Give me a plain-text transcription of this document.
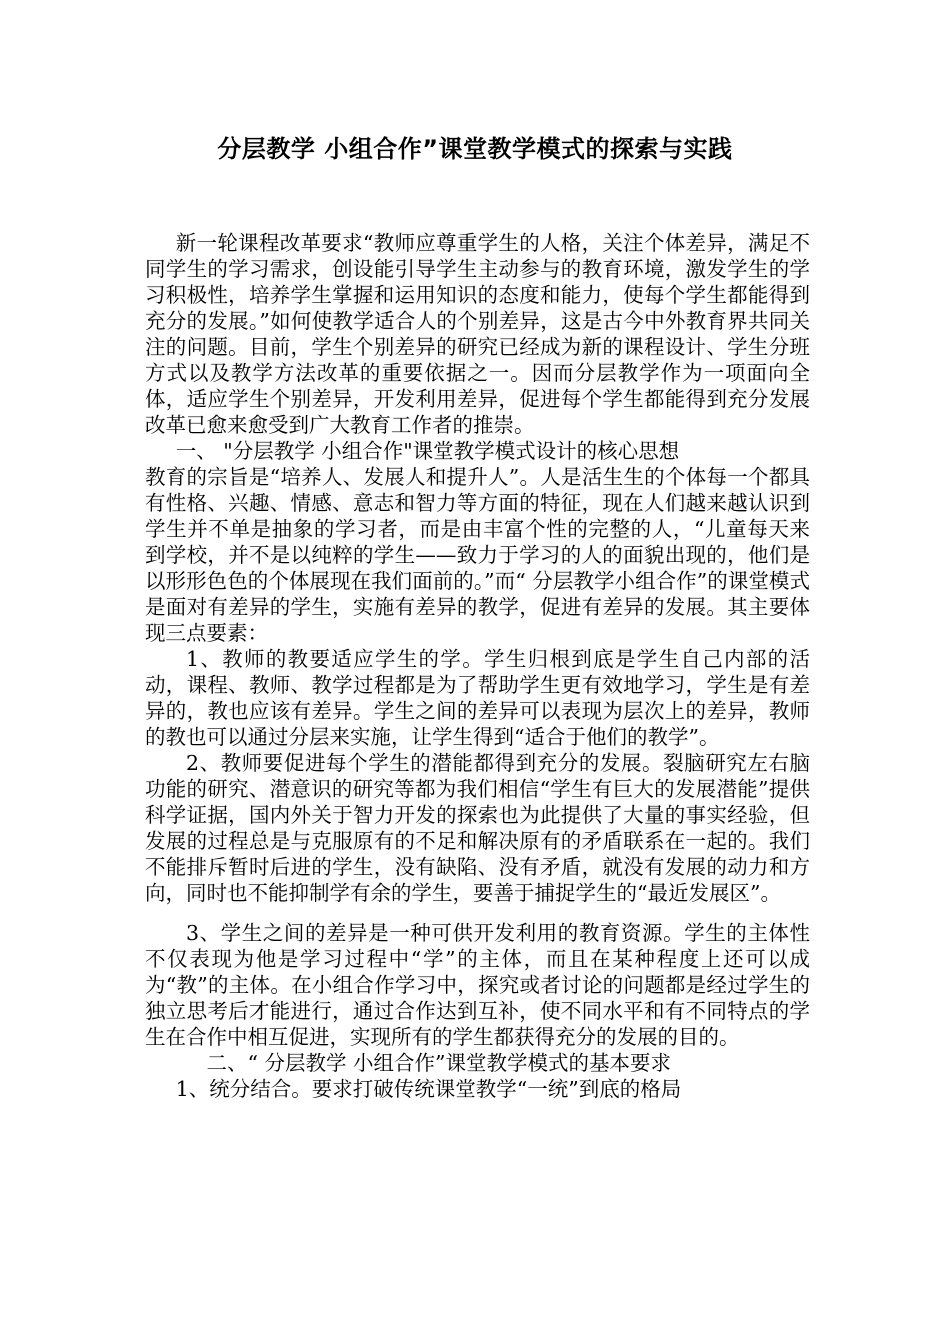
分层教学 小组合作”课堂教学模式的探索与实践

新一轮课程改革要求“教师应尊重学生的人格，关注个体差异，满足不同学生的学习需求，创设能引导学生主动参与的教育环境，激发学生的学习积极性，培养学生掌握和运用知识的态度和能力，使每个学生都能得到充分的发展。”如何使教学适合人的个别差异，这是古今中外教育界共同关注的问题。目前，学生个别差异的研究已经成为新的课程设计、学生分班方式以及教学方法改革的重要依据之一。因而分层教学作为一项面向全体，适应学生个别差异，开发利用差异，促进每个学生都能得到充分发展改革已愈来愈受到广大教育工作者的推崇。

一、 "分层教学 小组合作"课堂教学模式设计的核心思想

教育的宗旨是“培养人、发展人和提升人”。人是活生生的个体每一个都具有性格、兴趣、情感、意志和智力等方面的特征，现在人们越来越认识到学生并不单是抽象的学习者，而是由丰富个性的完整的人，“儿童每天来到学校，并不是以纯粹的学生——致力于学习的人的面貌出现的，他们是以形形色色的个体展现在我们面前的。”而“ 分层教学小组合作”的课堂模式是面对有差异的学生，实施有差异的教学，促进有差异的发展。其主要体现三点要素：

1、教师的教要适应学生的学。学生归根到底是学生自己内部的活动，课程、教师、教学过程都是为了帮助学生更有效地学习，学生是有差异的，教也应该有差异。学生之间的差异可以表现为层次上的差异，教师的教也可以通过分层来实施，让学生得到“适合于他们的教学”。

2、教师要促进每个学生的潜能都得到充分的发展。裂脑研究左右脑功能的研究、潜意识的研究等都为我们相信“学生有巨大的发展潜能”提供科学证据，国内外关于智力开发的探索也为此提供了大量的事实经验，但发展的过程总是与克服原有的不足和解决原有的矛盾联系在一起的。我们不能排斥暂时后进的学生，没有缺陷、没有矛盾，就没有发展的动力和方向，同时也不能抑制学有余的学生，要善于捕捉学生的“最近发展区”。

3、学生之间的差异是一种可供开发利用的教育资源。学生的主体性不仅表现为他是学习过程中“学”的主体，而且在某种程度上还可以成为“教”的主体。在小组合作学习中，探究或者讨论的问题都是经过学生的独立思考后才能进行，通过合作达到互补，使不同水平和有不同特点的学生在合作中相互促进，实现所有的学生都获得充分的发展的目的。

二、“ 分层教学 小组合作”课堂教学模式的基本要求

1、统分结合。要求打破传统课堂教学“一统”到底的格局
